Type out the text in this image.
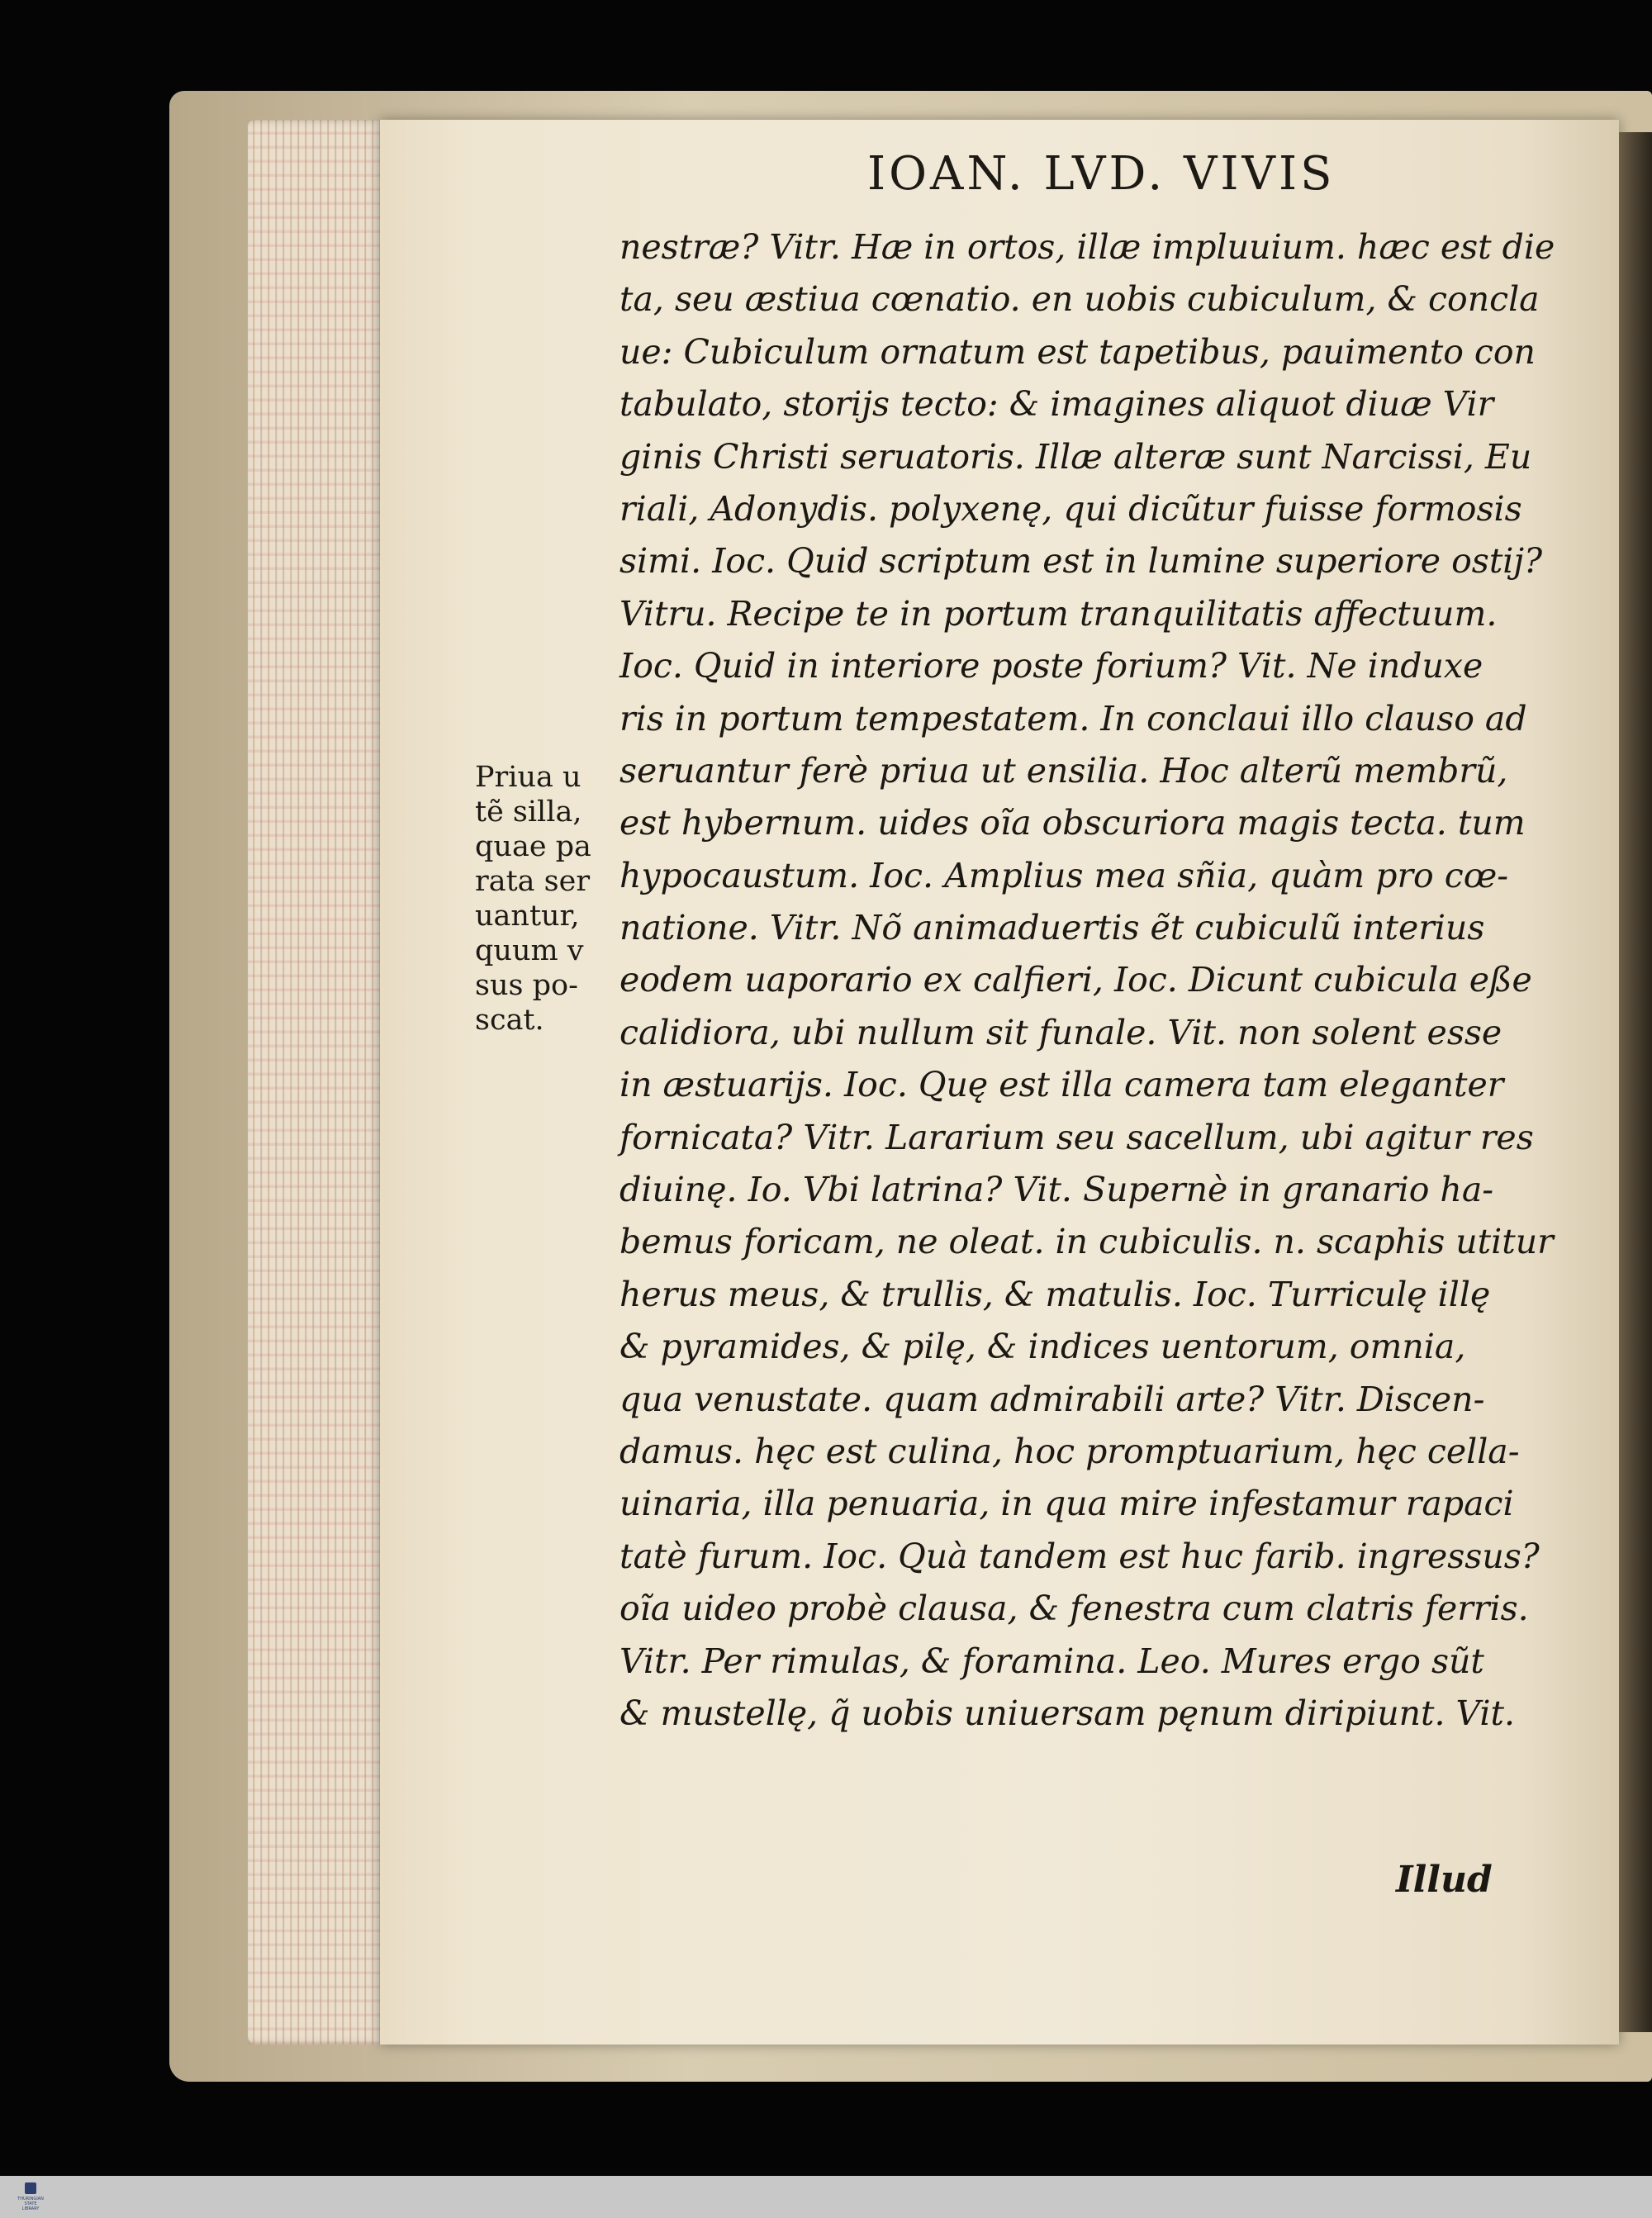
IOAN. LVD. VIVIS
Priua u
tẽ silla,
quae pa
rata ser
uantur,
quum v
sus po-
scat.
nestræ? Vitr. Hæ in ortos, illæ impluuium. hæc est die
ta, seu æstiua cœnatio. en uobis cubiculum, & concla
ue: Cubiculum ornatum est tapetibus, pauimento con
tabulato, storijs tecto: & imagines aliquot diuæ Vir
ginis Christi seruatoris. Illæ alteræ sunt Narcissi, Eu
riali, Adonydis. polyxenę, qui dicũtur fuisse formosis
simi. Ioc. Quid scriptum est in lumine superiore ostij?
Vitru. Recipe te in portum tranquilitatis affectuum.
Ioc. Quid in interiore poste forium? Vit. Ne induxe
ris in portum tempestatem. In conclaui illo clauso ad
seruantur ferè priua ut ensilia. Hoc alterũ membrũ,
est hybernum. uides oĩa obscuriora magis tecta. tum
hypocaustum. Ioc. Amplius mea sñia, quàm pro cœ-
natione. Vitr. Nõ animaduertis ẽt cubiculũ interius
eodem uaporario ex calfieri, Ioc. Dicunt cubicula eße
calidiora, ubi nullum sit funale. Vit. non solent esse
in æstuarijs. Ioc. Quę est illa camera tam eleganter
fornicata? Vitr. Lararium seu sacellum, ubi agitur res
diuinę. Io. Vbi latrina? Vit. Supernè in granario ha-
bemus foricam, ne oleat. in cubiculis. n. scaphis utitur
herus meus, & trullis, & matulis. Ioc. Turriculę illę
& pyramides, & pilę, & indices uentorum, omnia,
qua venustate. quam admirabili arte? Vitr. Discen-
damus. hęc est culina, hoc promptuarium, hęc cella-
uinaria, illa penuaria, in qua mire infestamur rapaci
tatè furum. Ioc. Quà tandem est huc farib. ingressus?
oĩa uideo probè clausa, & fenestra cum clatris ferris.
Vitr. Per rimulas, & foramina. Leo. Mures ergo sũt
& mustellę, q̃ uobis uniuersam pęnum diripiunt. Vit.
Illud
THURINGIAN STATE LIBRARY
